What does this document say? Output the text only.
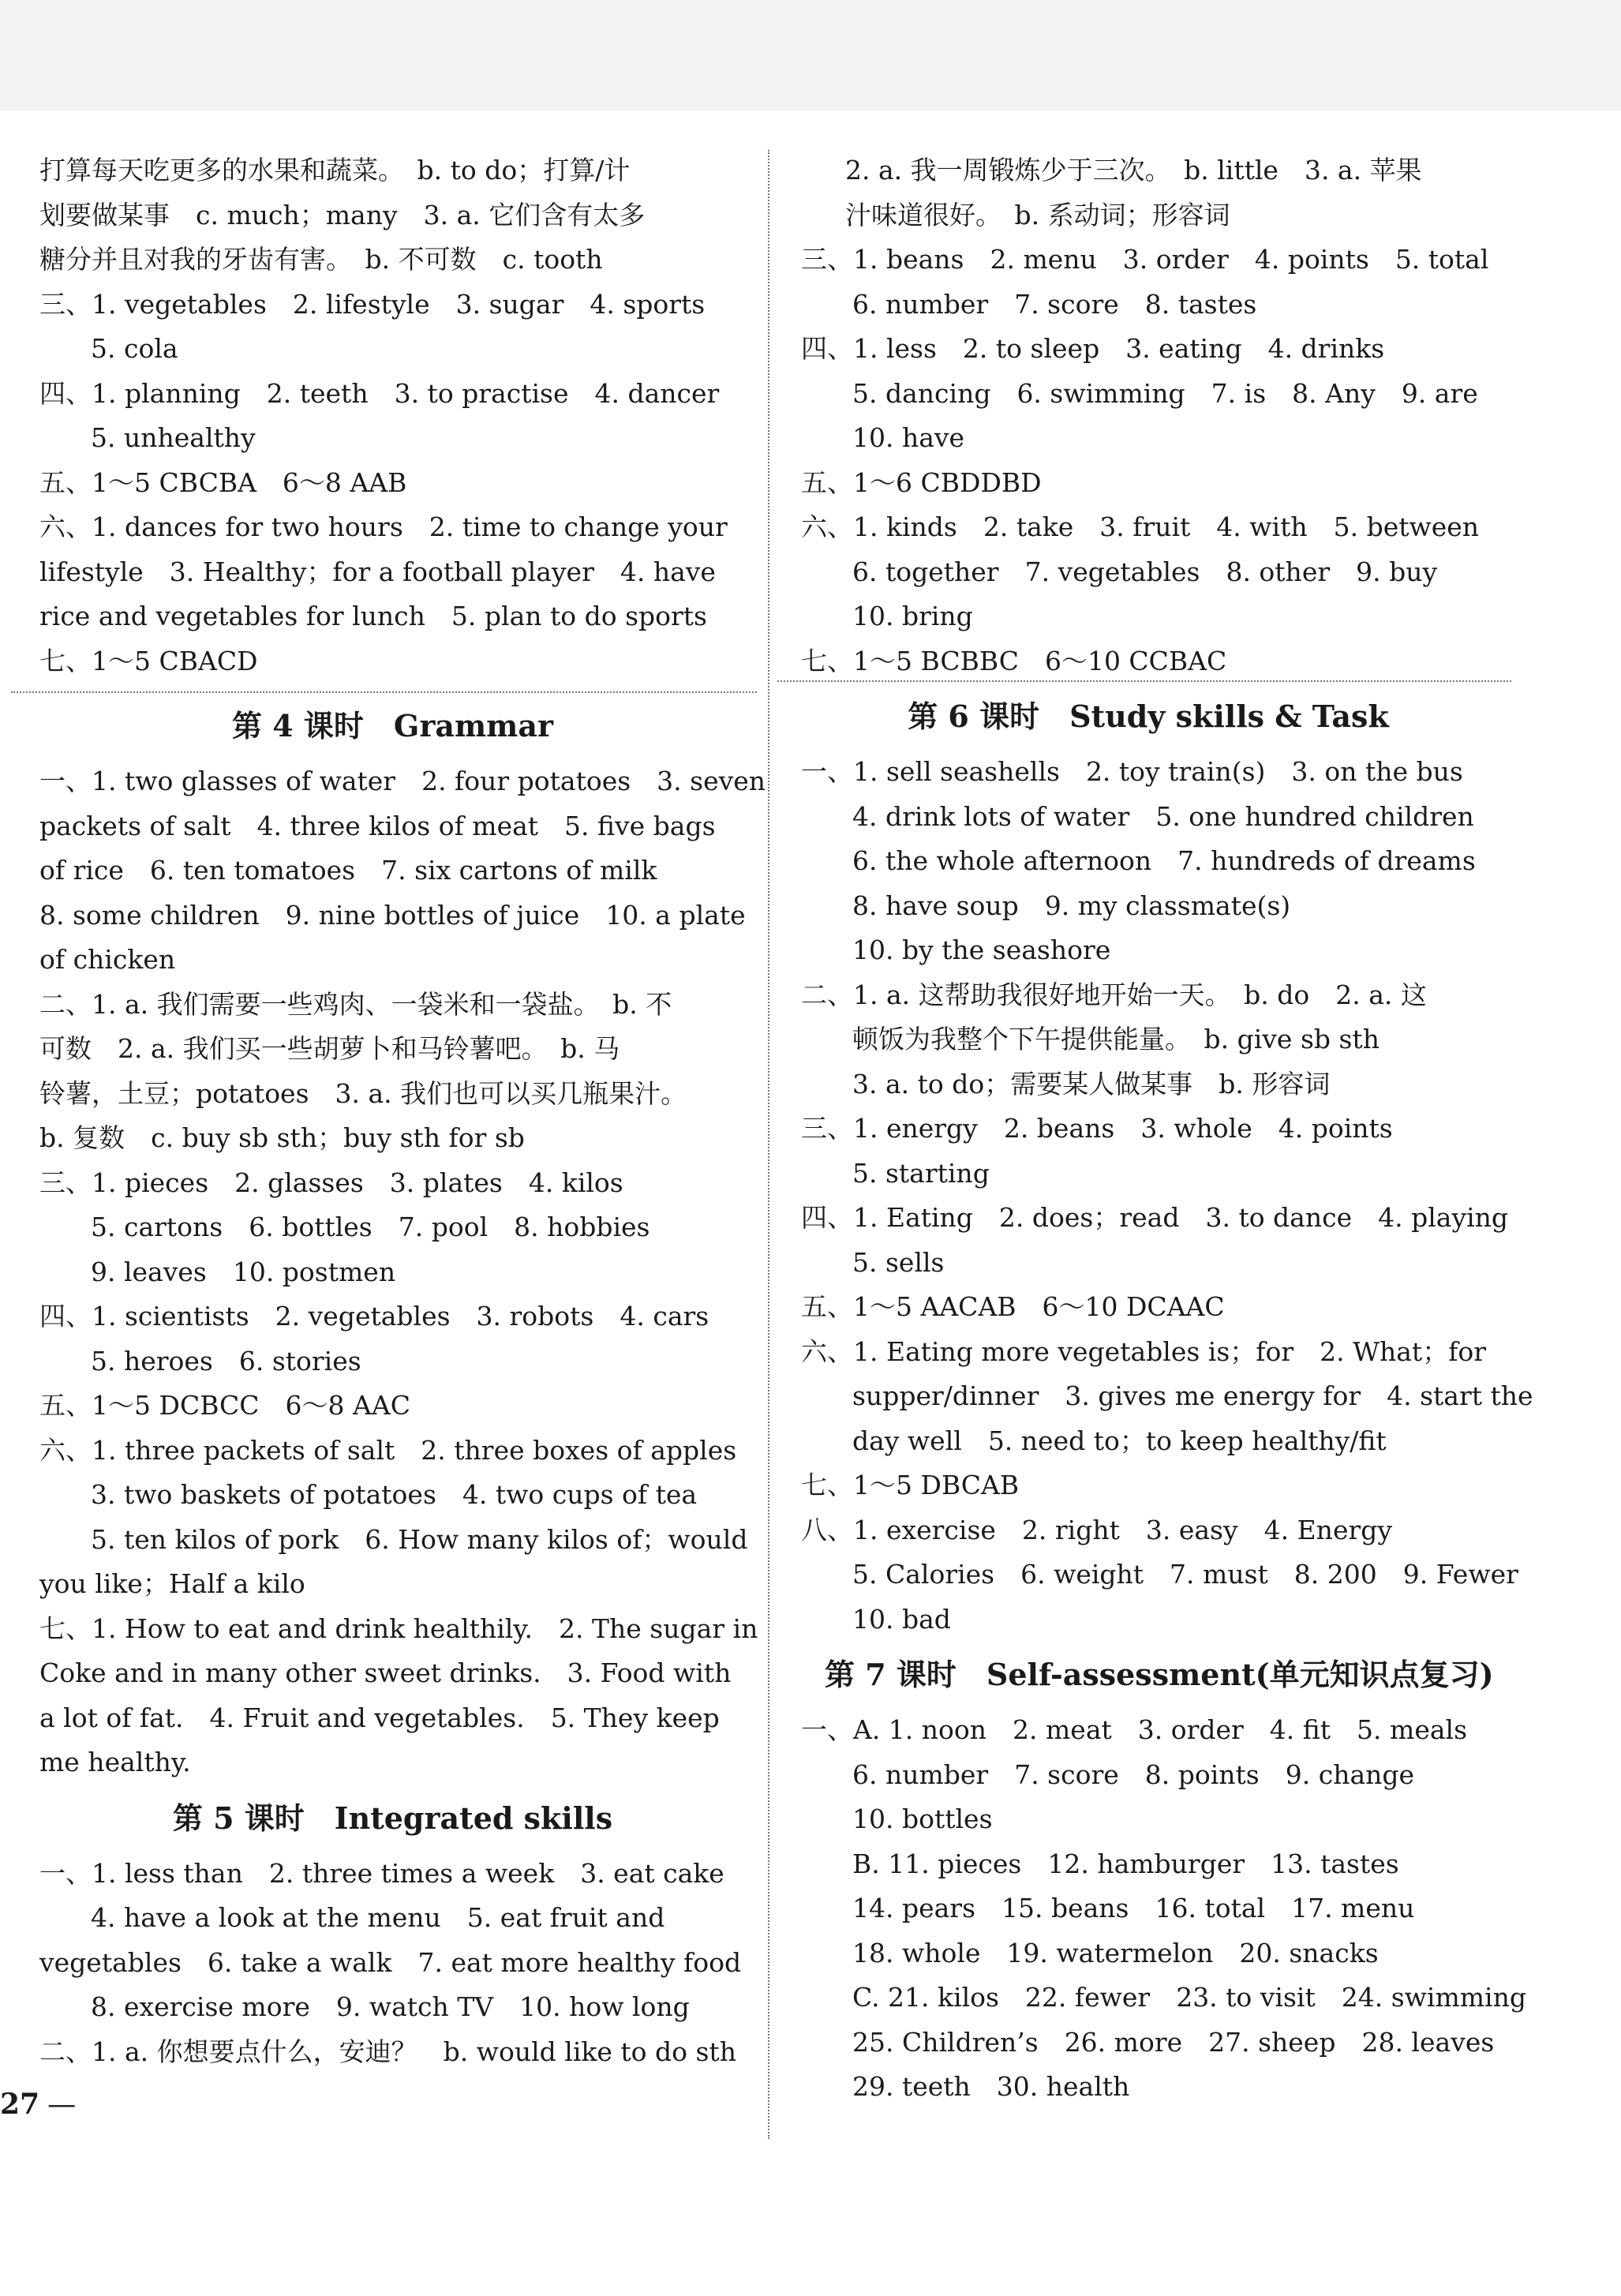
打算每天吃更多的水果和蔬菜。　b. to do；打算/计
划要做某事　c. much；many　3. a. 它们含有太多
糖分并且对我的牙齿有害。　b. 不可数　c. tooth
三、1. vegetables　2. lifestyle　3. sugar　4. sports
5. cola
四、1. planning　2. teeth　3. to practise　4. dancer
5. unhealthy
五、1～5 CBCBA　6～8 AAB
六、1. dances for two hours　2. time to change your
lifestyle　3. Healthy；for a football player　4. have
rice and vegetables for lunch　5. plan to do sports
七、1～5 CBACD
第 4 课时　Grammar
一、1. two glasses of water　2. four potatoes　3. seven
packets of salt　4. three kilos of meat　5. five bags
of rice　6. ten tomatoes　7. six cartons of milk
8. some children　9. nine bottles of juice　10. a plate
of chicken
二、1. a. 我们需要一些鸡肉、一袋米和一袋盐。　b. 不
可数　2. a. 我们买一些胡萝卜和马铃薯吧。　b. 马
铃薯，土豆；potatoes　3. a. 我们也可以买几瓶果汁。
b. 复数　c. buy sb sth；buy sth for sb
三、1. pieces　2. glasses　3. plates　4. kilos
5. cartons　6. bottles　7. pool　8. hobbies
9. leaves　10. postmen
四、1. scientists　2. vegetables　3. robots　4. cars
5. heroes　6. stories
五、1～5 DCBCC　6～8 AAC
六、1. three packets of salt　2. three boxes of apples
3. two baskets of potatoes　4. two cups of tea
5. ten kilos of pork　6. How many kilos of；would
you like；Half a kilo
七、1. How to eat and drink healthily.　2. The sugar in
Coke and in many other sweet drinks.　3. Food with
a lot of fat.　4. Fruit and vegetables.　5. They keep
me healthy.
第 5 课时　Integrated skills
一、1. less than　2. three times a week　3. eat cake
4. have a look at the menu　5. eat fruit and
vegetables　6. take a walk　7. eat more healthy food
8. exercise more　9. watch TV　10. how long
二、1. a. 你想要点什么，安迪？　b. would like to do sth
2. a. 我一周锻炼少于三次。　b. little　3. a. 苹果
汁味道很好。　b. 系动词；形容词
三、1. beans　2. menu　3. order　4. points　5. total
6. number　7. score　8. tastes
四、1. less　2. to sleep　3. eating　4. drinks
5. dancing　6. swimming　7. is　8. Any　9. are
10. have
五、1～6 CBDDBD
六、1. kinds　2. take　3. fruit　4. with　5. between
6. together　7. vegetables　8. other　9. buy
10. bring
七、1～5 BCBBC　6～10 CCBAC
第 6 课时　Study skills & Task
一、1. sell seashells　2. toy train(s)　3. on the bus
4. drink lots of water　5. one hundred children
6. the whole afternoon　7. hundreds of dreams
8. have soup　9. my classmate(s)
10. by the seashore
二、1. a. 这帮助我很好地开始一天。　b. do　2. a. 这
顿饭为我整个下午提供能量。　b. give sb sth
3. a. to do；需要某人做某事　b. 形容词
三、1. energy　2. beans　3. whole　4. points
5. starting
四、1. Eating　2. does；read　3. to dance　4. playing
5. sells
五、1～5 AACAB　6～10 DCAAC
六、1. Eating more vegetables is；for　2. What；for
supper/dinner　3. gives me energy for　4. start the
day well　5. need to；to keep healthy/fit
七、1～5 DBCAB
八、1. exercise　2. right　3. easy　4. Energy
5. Calories　6. weight　7. must　8. 200　9. Fewer
10. bad
第 7 课时　Self-assessment(单元知识点复习)
一、A. 1. noon　2. meat　3. order　4. fit　5. meals
6. number　7. score　8. points　9. change
10. bottles
B. 11. pieces　12. hamburger　13. tastes
14. pears　15. beans　16. total　17. menu
18. whole　19. watermelon　20. snacks
C. 21. kilos　22. fewer　23. to visit　24. swimming
25. Children’s　26. more　27. sheep　28. leaves
29. teeth　30. health
27 —
